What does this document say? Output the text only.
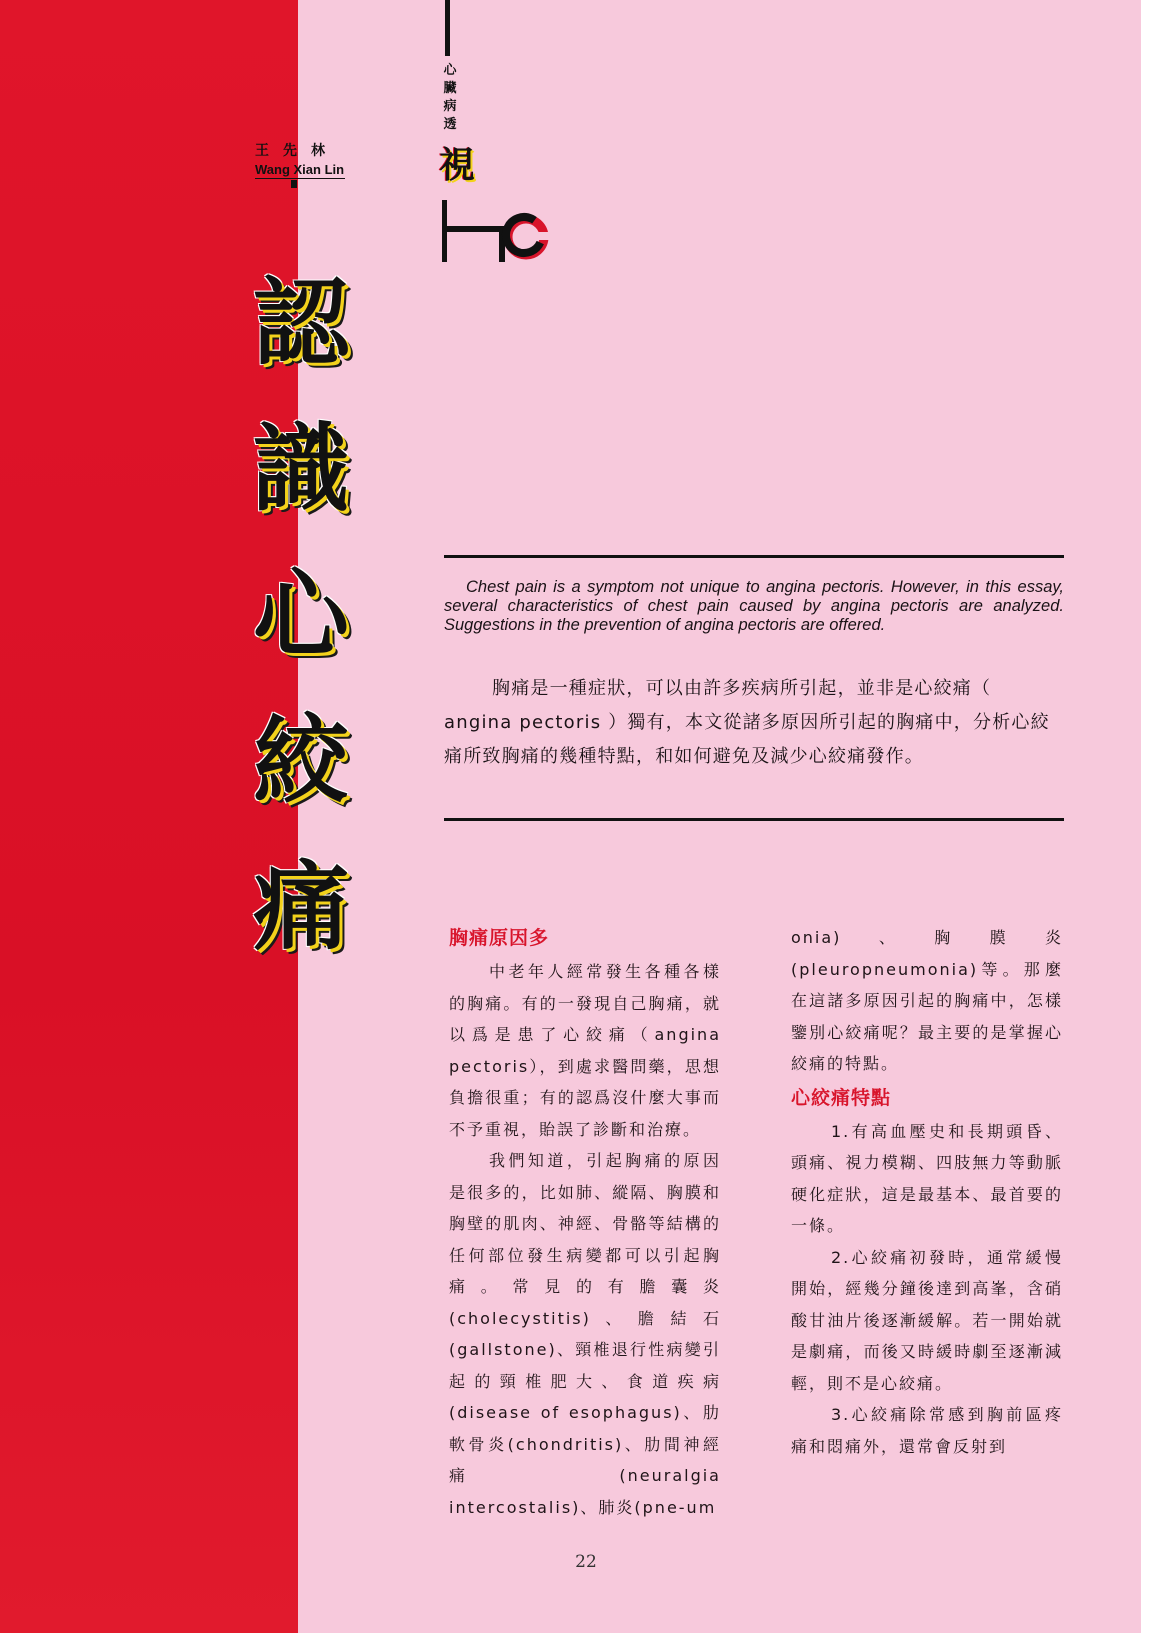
王先林
Wang Xian Lin
認
識
心
絞
痛
心
臟
病
透
視
Chest pain is a symptom not unique to angina pectoris. However, in this essay, several characteristics of chest pain caused by angina pectoris are analyzed. Suggestions in the prevention of angina pectoris are offered.
胸痛是一種症狀，可以由許多疾病所引起，並非是心絞痛（ angina pectoris ）獨有，本文從諸多原因所引起的胸痛中，分析心絞痛所致胸痛的幾種特點，和如何避免及減少心絞痛發作。
胸痛原因多

中老年人經常發生各種各樣的胸痛。有的一發現自己胸痛，就以爲是患了心絞痛（angina pectoris），到處求醫問藥，思想負擔很重；有的認爲沒什麼大事而不予重視，貽誤了診斷和治療。

我們知道，引起胸痛的原因是很多的，比如肺、縱隔、胸膜和胸壁的肌肉、神經、骨骼等結構的任何部位發生病變都可以引起胸痛。常見的有膽囊炎(cholecystitis)、膽結石(gallstone)、頸椎退行性病變引起的頸椎肥大、食道疾病(disease of esophagus)、肋軟骨炎(chondritis)、肋間神經痛 (neuralgia intercostalis)、肺炎(pne-um

onia)、胸膜炎(pleuropneumonia)等。那麼在這諸多原因引起的胸痛中，怎樣鑒別心絞痛呢？最主要的是掌握心絞痛的特點。

心絞痛特點

1.有高血壓史和長期頭昏、頭痛、視力模糊、四肢無力等動脈硬化症狀，這是最基本、最首要的一條。

2.心絞痛初發時，通常緩慢開始，經幾分鐘後達到高峯，含硝酸甘油片後逐漸緩解。若一開始就是劇痛，而後又時緩時劇至逐漸減輕，則不是心絞痛。

3.心絞痛除常感到胸前區疼痛和悶痛外，還常會反射到

22
